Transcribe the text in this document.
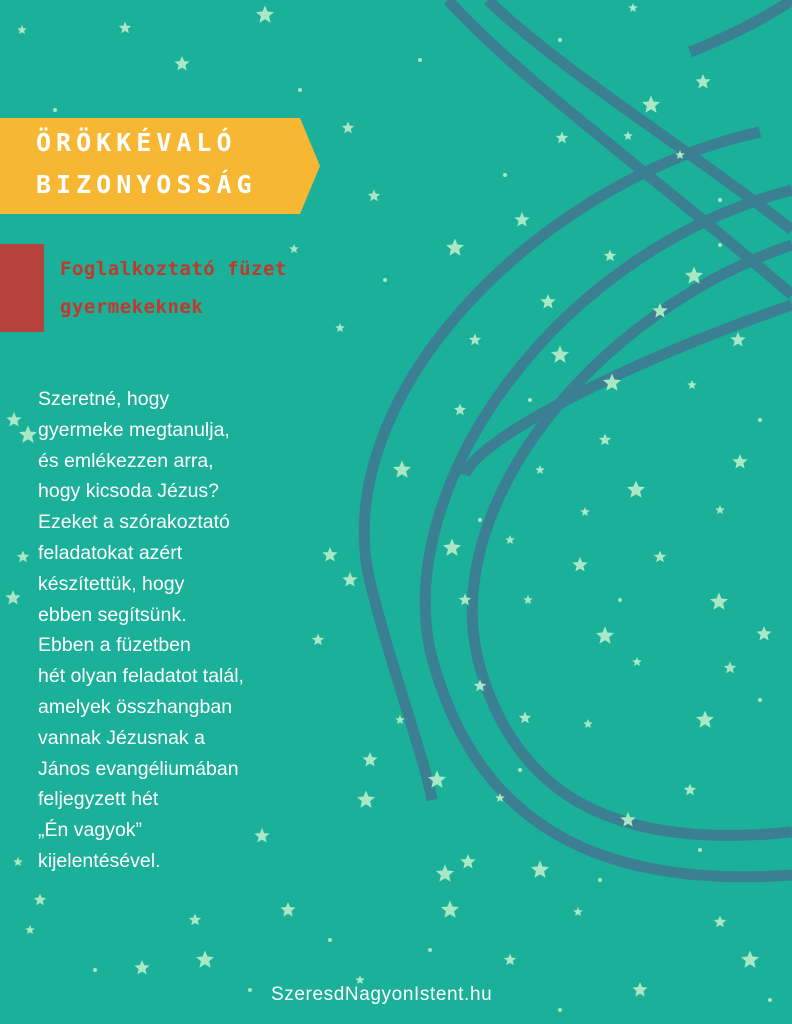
ÖRÖKKÉVALÓ
BIZONYOSSÁG
Foglalkoztató füzet
gyermekeknek
Szeretné, hogy
gyermeke megtanulja,
és emlékezzen arra,
hogy kicsoda Jézus?
Ezeket a szórakoztató
feladatokat azért
készítettük, hogy
ebben segítsünk.
Ebben a füzetben
hét olyan feladatot talál,
amelyek összhangban
vannak Jézusnak a
János evangéliumában
feljegyzett hét
„Én vagyok”
kijelentésével.
SzeresdNagyonIstent.hu
